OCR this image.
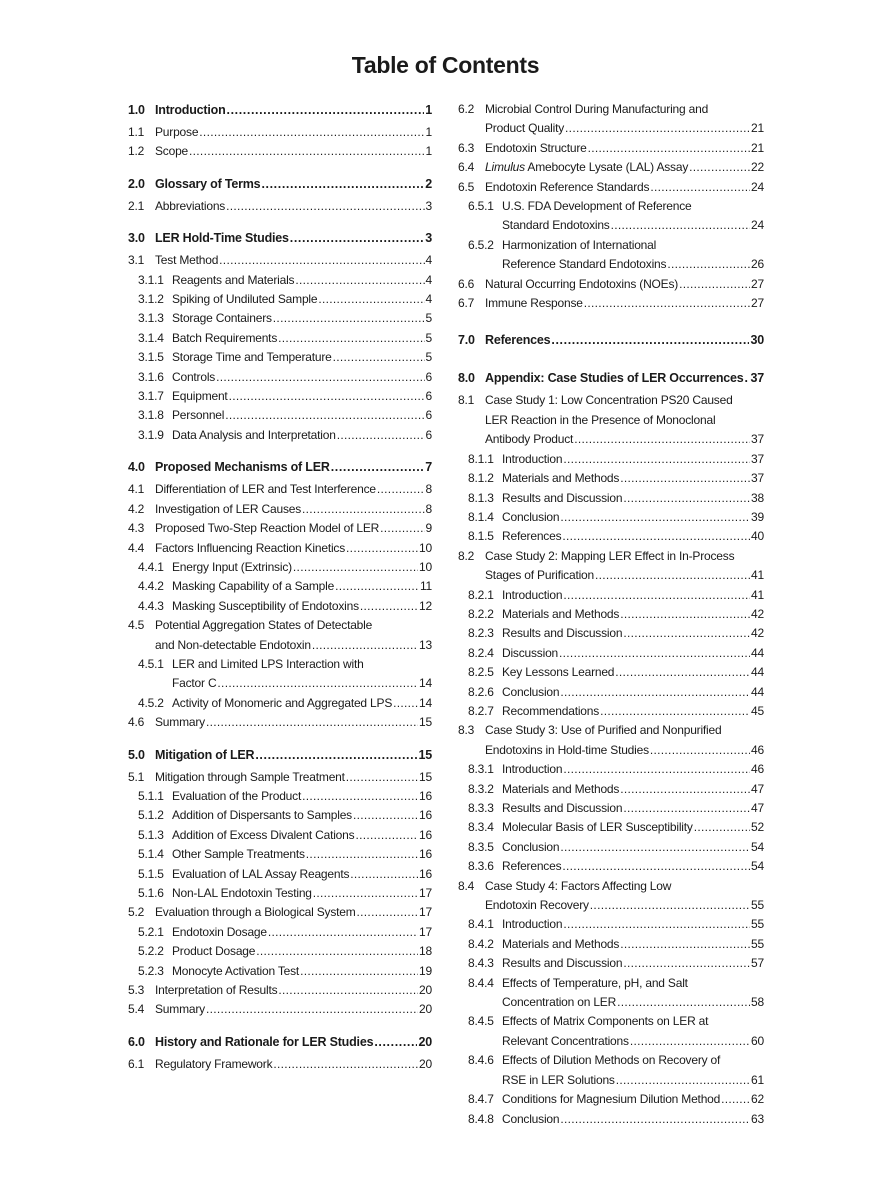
Table of Contents
1.0 Introduction .....	1
1.1 Purpose .....	1
1.2 Scope .....	1
2.0 Glossary of Terms .....	2
2.1 Abbreviations .....	3
3.0 LER Hold-Time Studies .....	3
3.1 Test Method .....	4
3.1.1 Reagents and Materials .....	4
3.1.2 Spiking of Undiluted Sample .....	4
3.1.3 Storage Containers .....	5
3.1.4 Batch Requirements .....	5
3.1.5 Storage Time and Temperature .....	5
3.1.6 Controls .....	6
3.1.7 Equipment .....	6
3.1.8 Personnel .....	6
3.1.9 Data Analysis and Interpretation .....	6
4.0 Proposed Mechanisms of LER .....	7
4.1 Differentiation of LER and Test Interference .....	8
4.2 Investigation of LER Causes .....	8
4.3 Proposed Two-Step Reaction Model of LER .....	9
4.4 Factors Influencing Reaction Kinetics .....	10
4.4.1 Energy Input (Extrinsic) .....	10
4.4.2 Masking Capability of a Sample .....	11
4.4.3 Masking Susceptibility of Endotoxins .....	12
4.5 Potential Aggregation States of Detectable
and Non-detectable Endotoxin .....	13
4.5.1 LER and Limited LPS Interaction with
Factor C .....	14
4.5.2 Activity of Monomeric and Aggregated LPS ..... 14
4.6 Summary .....	15
5.0 Mitigation of LER .....	15
5.1 Mitigation through Sample Treatment .....	15
5.1.1 Evaluation of the Product .....	16
5.1.2 Addition of Dispersants to Samples .....	16
5.1.3 Addition of Excess Divalent Cations .....	16
5.1.4 Other Sample Treatments .....	16
5.1.5 Evaluation of LAL Assay Reagents .....	16
5.1.6 Non-LAL Endotoxin Testing .....	17
5.2 Evaluation through a Biological System .....	17
5.2.1 Endotoxin Dosage .....	17
5.2.2 Product Dosage .....	18
5.2.3 Monocyte Activation Test .....	19
5.3 Interpretation of Results .....	20
5.4 Summary .....	20
6.0 History and Rationale for LER Studies .....	20
6.1 Regulatory Framework .....	20
6.2 Microbial Control During Manufacturing and
Product Quality .....	21
6.3 Endotoxin Structure .....	21
6.4 Limulus Amebocyte Lysate (LAL) Assay .....	22
6.5 Endotoxin Reference Standards .....	24
6.5.1 U.S. FDA Development of Reference
Standard Endotoxins .....	24
6.5.2 Harmonization of International
Reference Standard Endotoxins .....	26
6.6 Natural Occurring Endotoxins (NOEs) .....	27
6.7 Immune Response .....	27
7.0 References .....	30
8.0 Appendix: Case Studies of LER Occurrences ..... 37
8.1 Case Study 1: Low Concentration PS20 Caused
LER Reaction in the Presence of Monoclonal
Antibody Product .....	37
8.1.1 Introduction .....	37
8.1.2 Materials and Methods .....	37
8.1.3 Results and Discussion .....	38
8.1.4 Conclusion .....	39
8.1.5 References .....	40
8.2 Case Study 2: Mapping LER Effect in In-Process
Stages of Purification .....	41
8.2.1 Introduction .....	41
8.2.2 Materials and Methods .....	42
8.2.3 Results and Discussion .....	42
8.2.4 Discussion .....	44
8.2.5 Key Lessons Learned .....	44
8.2.6 Conclusion .....	44
8.2.7 Recommendations .....	45
8.3 Case Study 3: Use of Purified and Nonpurified
Endotoxins in Hold-time Studies .....	46
8.3.1 Introduction .....	46
8.3.2 Materials and Methods .....	47
8.3.3 Results and Discussion .....	47
8.3.4 Molecular Basis of LER Susceptibility .....	52
8.3.5 Conclusion .....	54
8.3.6 References .....	54
8.4 Case Study 4: Factors Affecting Low
Endotoxin Recovery .....	55
8.4.1 Introduction .....	55
8.4.2 Materials and Methods .....	55
8.4.3 Results and Discussion .....	57
8.4.4 Effects of Temperature, pH, and Salt
Concentration on LER .....	58
8.4.5 Effects of Matrix Components on LER at
Relevant Concentrations .....	60
8.4.6 Effects of Dilution Methods on Recovery of
RSE in LER Solutions .....	61
8.4.7 Conditions for Magnesium Dilution Method .....	62
8.4.8 Conclusion .....	63
